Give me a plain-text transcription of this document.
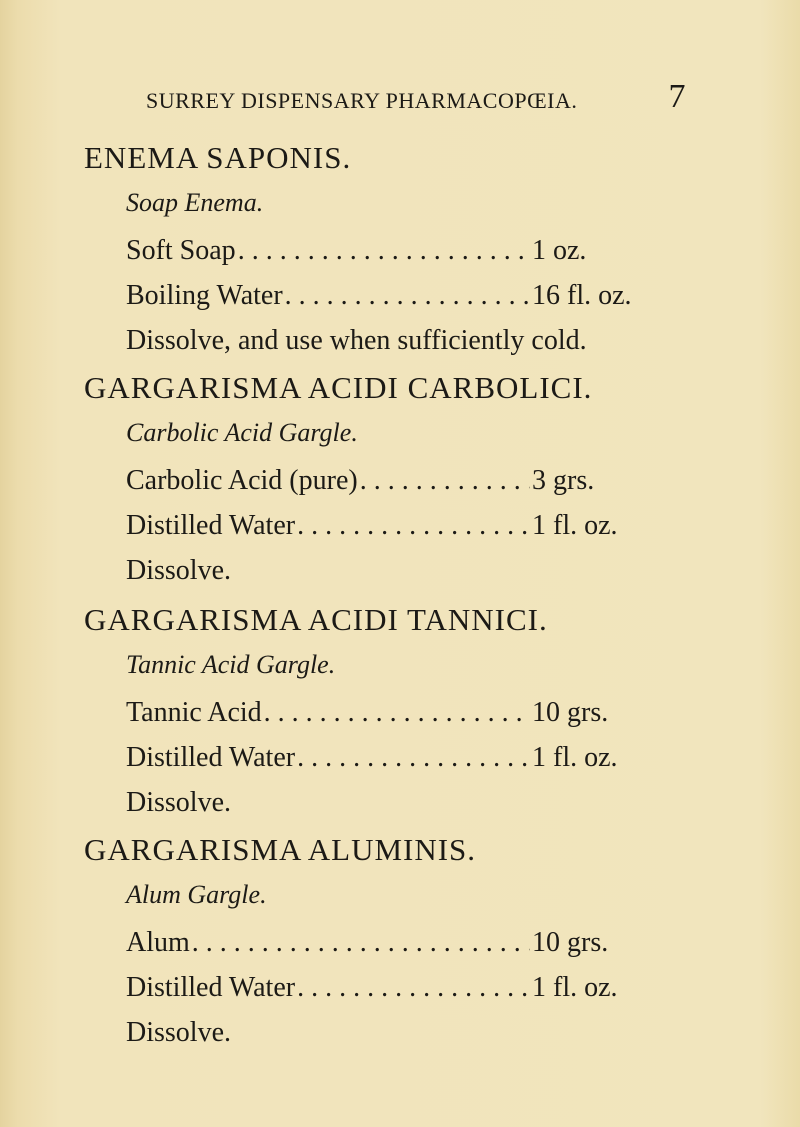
SURREY DISPENSARY PHARMACOPŒIA.	7
ENEMA SAPONIS.
Soap Enema.
Soft Soap . . .	1 oz.
Boiling Water . . .	16 fl. oz.
Dissolve, and use when sufficiently cold.
GARGARISMA ACIDI CARBOLICI.
Carbolic Acid Gargle.
Carbolic Acid (pure) . . .	3 grs.
Distilled Water . . .	1 fl. oz.
Dissolve.
GARGARISMA ACIDI TANNICI.
Tannic Acid Gargle.
Tannic Acid . . .	10 grs.
Distilled Water . . .	1 fl. oz.
Dissolve.
GARGARISMA ALUMINIS.
Alum Gargle.
Alum . . .	10 grs.
Distilled Water . . .	1 fl. oz.
Dissolve.
